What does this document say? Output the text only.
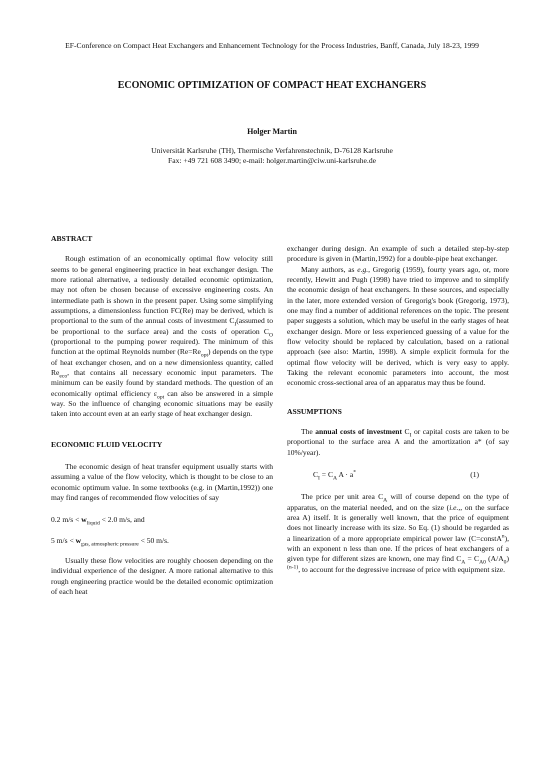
EF-Conference on Compact Heat Exchangers and Enhancement Technology for the Process Industries, Banff, Canada, July 18-23, 1999
ECONOMIC OPTIMIZATION OF COMPACT HEAT EXCHANGERS
Holger Martin
Universität Karlsruhe (TH), Thermische Verfahrenstechnik, D-76128 Karlsruhe
Fax: +49 721 608 3490; e-mail: holger.martin@ciw.uni-karlsruhe.de

ABSTRACT

Rough estimation of an economically optimal flow velocity still seems to be general engineering practice in heat exchanger design. The more rational alternative, a tediously detailed economic optimization, may not often be chosen because of excessive engineering costs. An intermediate path is shown in the present paper. Using some simplifying assumptions, a dimensionless function FC(Re) may be derived, which is proportional to the sum of the annual costs of investment $C_I(assumed$ to be proportional to the surface area) and the costs of operation $C_O$ (proportional to the pumping power required). The minimum of this function at the optimal Reynolds number $(Re=Re_{opt})$ depends on the type of heat exchanger chosen, and on a new dimensionless quantity, called $Re_{eco}$, that contains all necessary economic input parameters. The minimum can be easily found by standard methods. The question of an economically optimal efficiency $\varepsilon_{opt}$ can also be answered in a simple way. So the influence of changing economic situations may be easily taken into account even at an early stage of heat exchanger design.

ECONOMIC FLUID VELOCITY

The economic design of heat transfer equipment usually starts with assuming a value of the flow velocity, which is thought to be close to an economic optimum value. In some textbooks (e.g. in (Martin,1992)) one may find ranges of recommended flow velocities of say

0.2 $m/s < w_{liquid} < 2.0$ m/s, and

5 $m/s < w_{gas, atmospheric pressure} < 50$ m/s.

Usually these flow velocities are roughly choosen depending on the individual experience of the designer. A more rational alternative to this rough engineering practice would be the detailed economic optimization of each heat

exchanger during design. An example of such a detailed step-by-step procedure is given in (Martin,1992) for a double-pipe heat exchanger.

Many authors, as e.g., Gregorig (1959), fourty years ago, or, more recently, Hewitt and Pugh (1998) have tried to improve and to simplify the economic design of heat exchangers. In these sources, and especially in the later, more extended version of Gregorig's book (Gregorig, 1973), one may find a number of additional references on the topic. The present paper suggests a solution, which may be useful in the early stages of heat exchanger design. More or less experienced guessing of a value for the flow velocity should be replaced by calculation, based on a rational approach (see also: Martin, 1998). A simple explicit formula for the optimal flow velocity will be derived, which is very easy to apply. Taking the relevant economic parameters into account, the most economic cross-sectional area of an apparatus may thus be found.

ASSUMPTIONS

The annual costs of investment $C_I$ or capital costs are taken to be proportional to the surface area A and the amortization a* (of say 10%/year).

$C_I = C_A$ A · a*	(1)

The price per unit area $C_A$ will of course depend on the type of apparatus, on the material needed, and on the size (i.e.,, on the surface area A) itself. It is generally well known, that the price of equipment does not linearly increase with its size. So Eq. (1) should be regarded as a linearization of a more appropriate empirical power law (C=constA$^n$), with an exponent n less than one. If the prices of heat exchangers of a given type for different sizes are known, one may find $C_A = C_{A0}$ $(A/A_0)^{(n-1)}$, to account for the degressive increase of price with equipment size.
